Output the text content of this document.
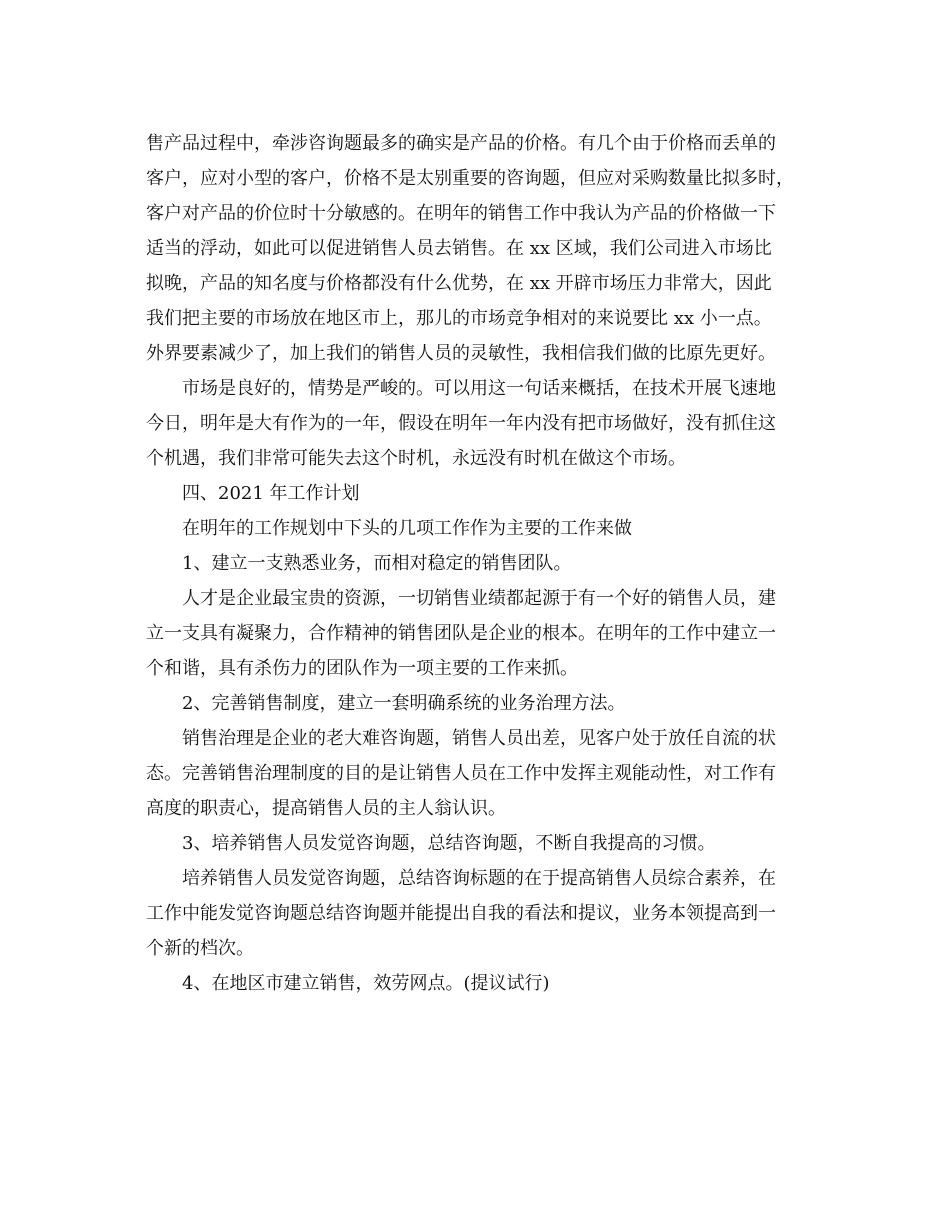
售产品过程中，牵涉咨询题最多的确实是产品的价格。有几个由于价格而丢单的
客户，应对小型的客户，价格不是太别重要的咨询题，但应对采购数量比拟多时，
客户对产品的价位时十分敏感的。在明年的销售工作中我认为产品的价格做一下
适当的浮动，如此可以促进销售人员去销售。在 xx 区域，我们公司进入市场比
拟晚，产品的知名度与价格都没有什么优势，在 xx 开辟市场压力非常大，因此
我们把主要的市场放在地区市上，那儿的市场竞争相对的来说要比 xx 小一点。
外界要素减少了，加上我们的销售人员的灵敏性，我相信我们做的比原先更好。
市场是良好的，情势是严峻的。可以用这一句话来概括，在技术开展飞速地
今日，明年是大有作为的一年，假设在明年一年内没有把市场做好，没有抓住这
个机遇，我们非常可能失去这个时机，永远没有时机在做这个市场。
四、2021 年工作计划
在明年的工作规划中下头的几项工作作为主要的工作来做
1、建立一支熟悉业务，而相对稳定的销售团队。
人才是企业最宝贵的资源，一切销售业绩都起源于有一个好的销售人员，建
立一支具有凝聚力，合作精神的销售团队是企业的根本。在明年的工作中建立一
个和谐，具有杀伤力的团队作为一项主要的工作来抓。
2、完善销售制度，建立一套明确系统的业务治理方法。
销售治理是企业的老大难咨询题，销售人员出差，见客户处于放任自流的状
态。完善销售治理制度的目的是让销售人员在工作中发挥主观能动性，对工作有
高度的职责心，提高销售人员的主人翁认识。
3、培养销售人员发觉咨询题，总结咨询题，不断自我提高的习惯。
培养销售人员发觉咨询题，总结咨询标题的在于提高销售人员综合素养，在
工作中能发觉咨询题总结咨询题并能提出自我的看法和提议，业务本领提高到一
个新的档次。
4、在地区市建立销售，效劳网点。(提议试行)
